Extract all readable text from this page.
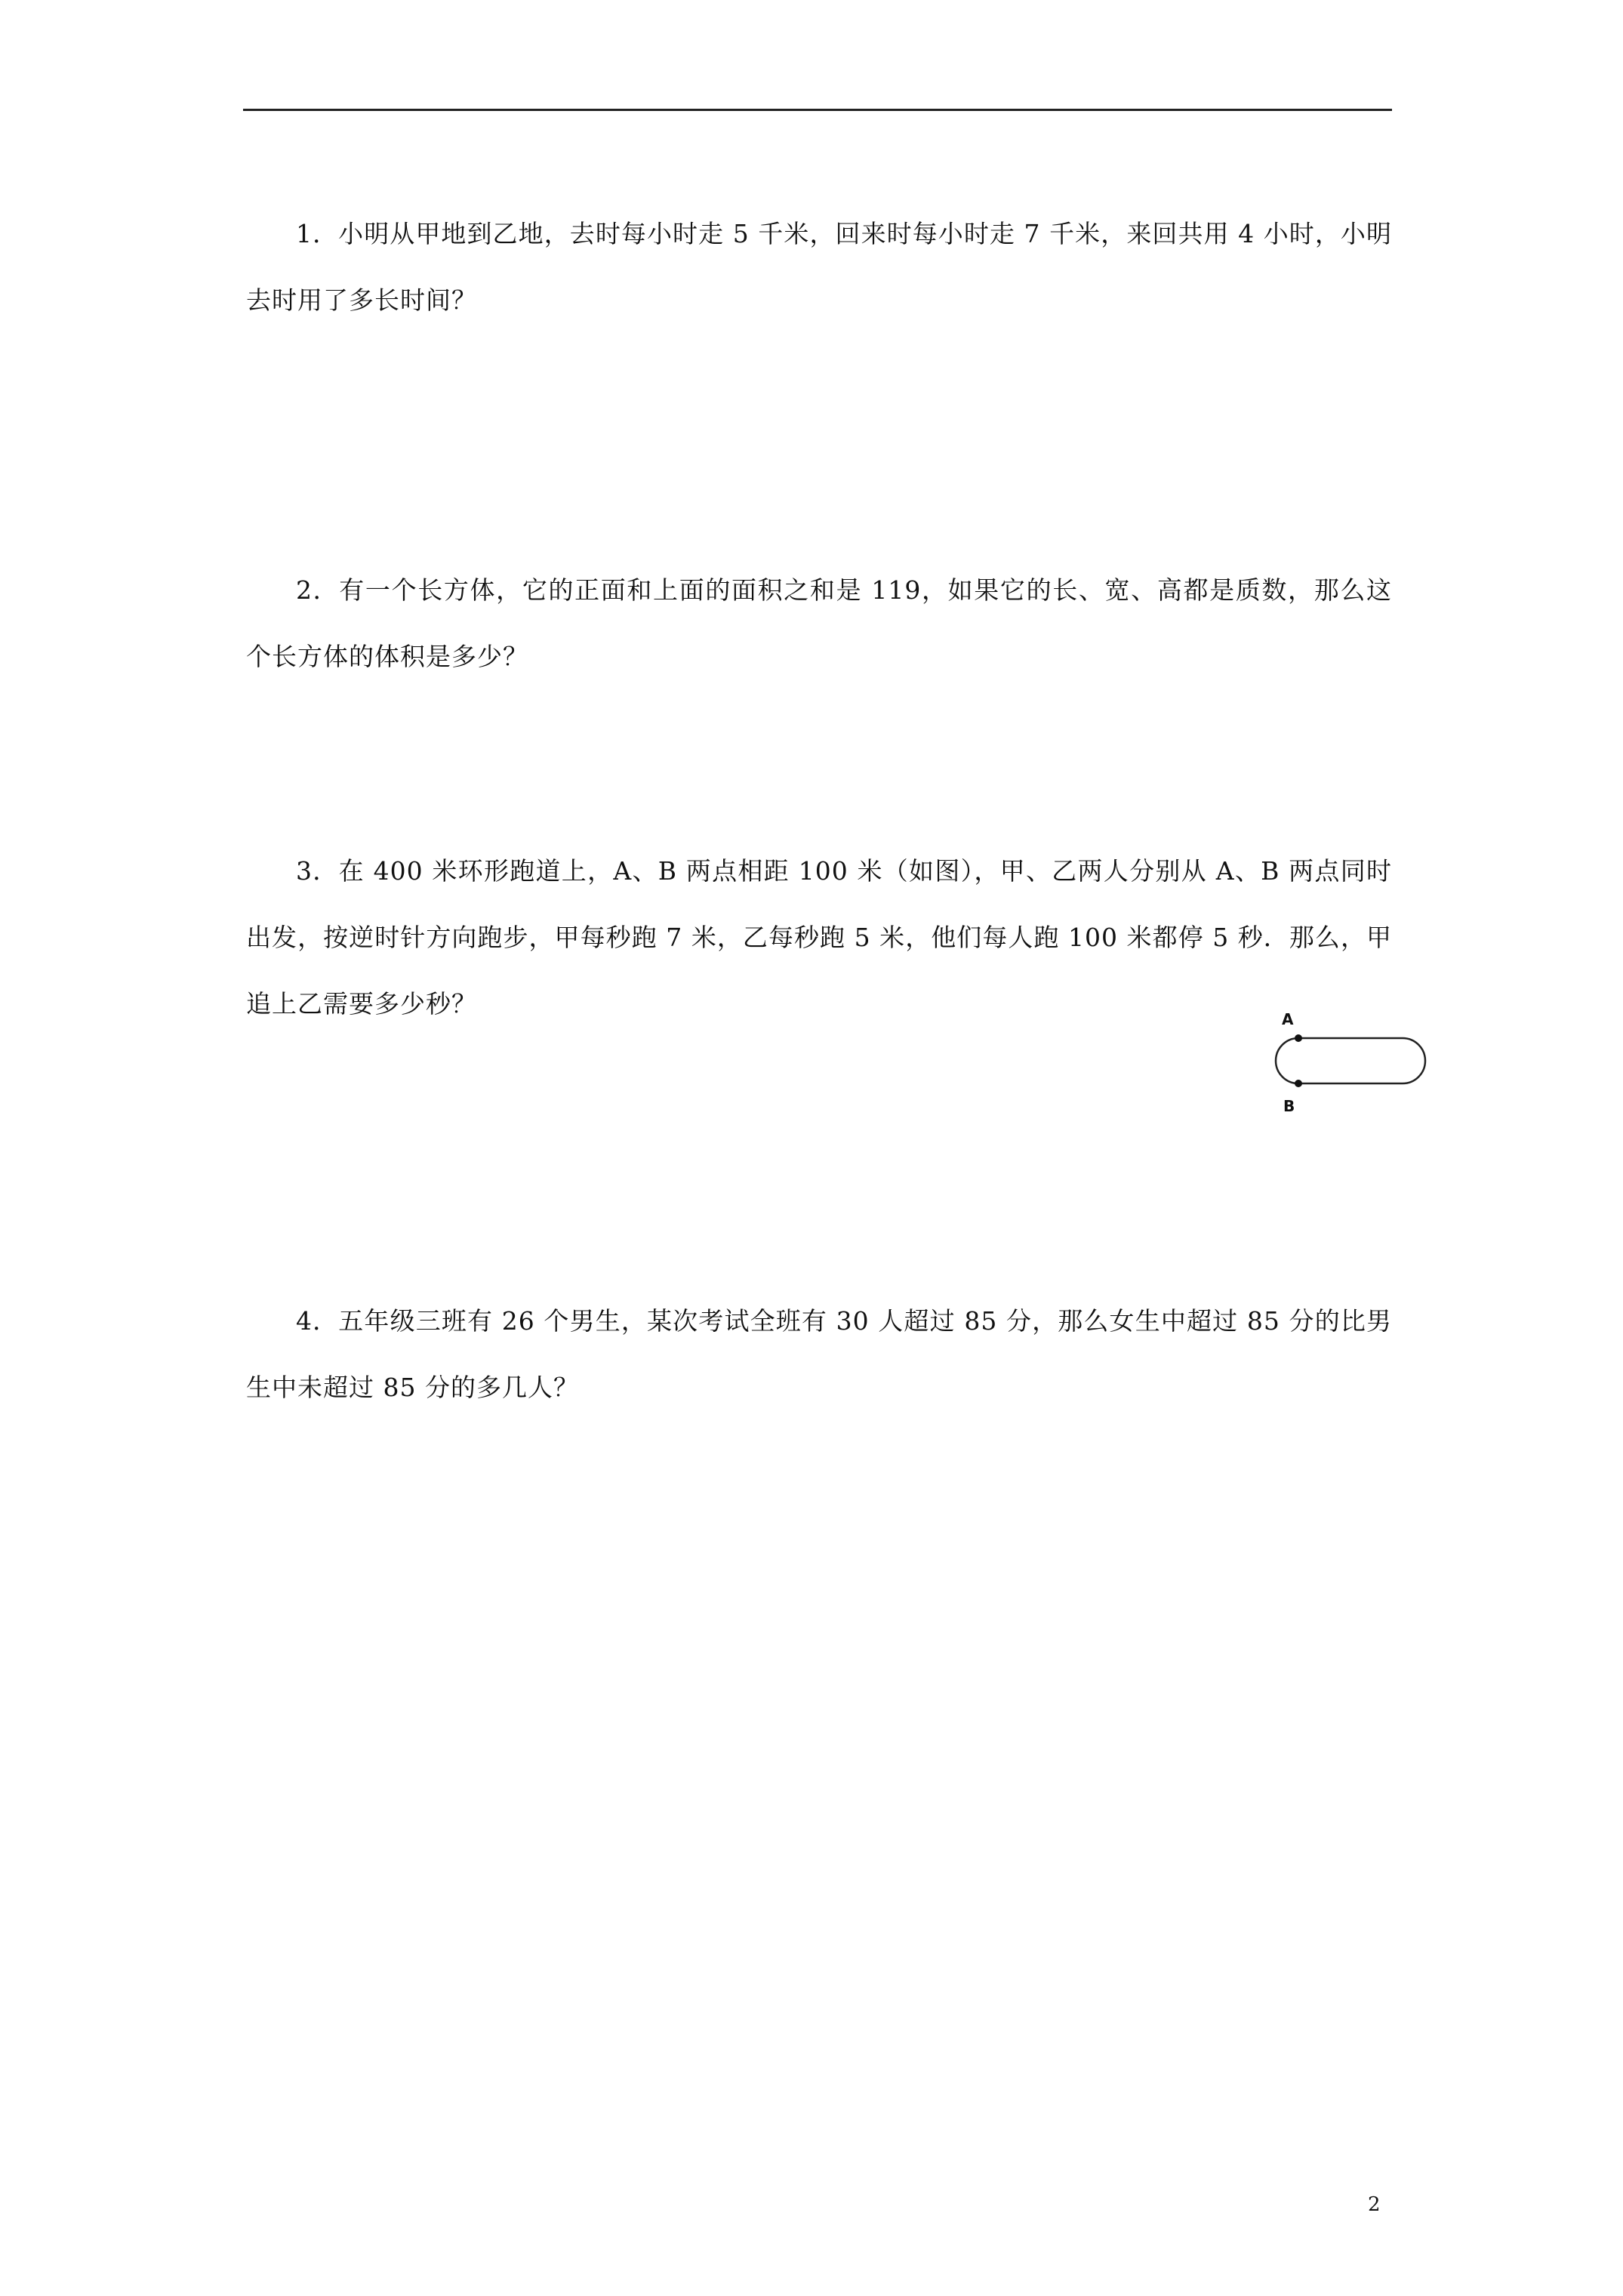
1．小明从甲地到乙地，去时每小时走 5 千米，回来时每小时走 7 千米，来回共用 4 小时，小明去时用了多长时间？

2．有一个长方体，它的正面和上面的面积之和是 119，如果它的长、宽、高都是质数，那么这个长方体的体积是多少？

3．在 400 米环形跑道上，A、B 两点相距 100 米（如图），甲、乙两人分别从 A、B 两点同时出发，按逆时针方向跑步，甲每秒跑 7 米，乙每秒跑 5 米，他们每人跑 100 米都停 5 秒．那么，甲追上乙需要多少秒？

A
B

4．五年级三班有 26 个男生，某次考试全班有 30 人超过 85 分，那么女生中超过 85 分的比男生中未超过 85 分的多几人？

2
